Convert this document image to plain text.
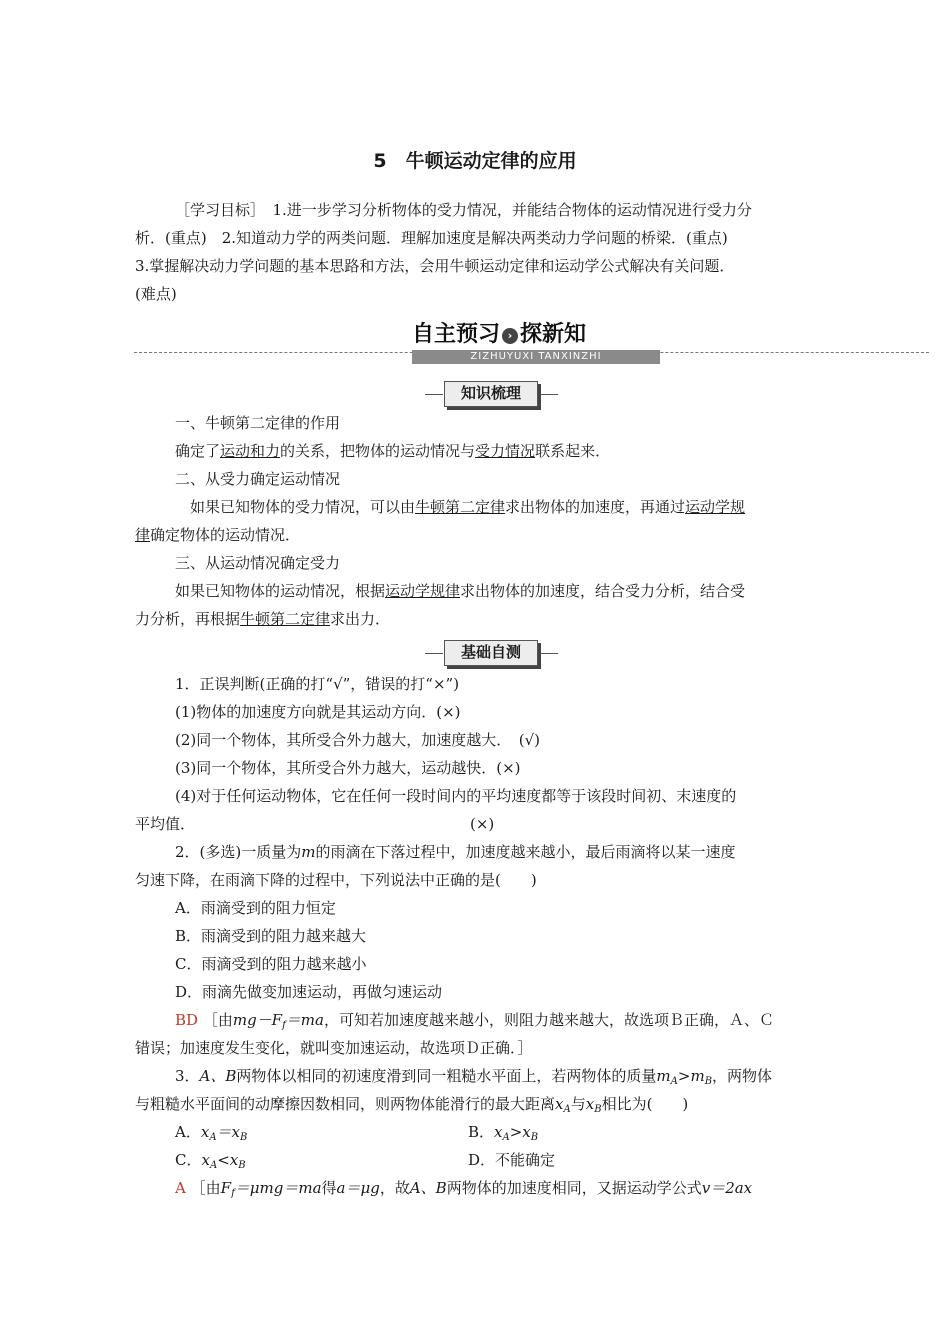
5　牛顿运动定律的应用
［学习目标］　1.进一步学习分析物体的受力情况，并能结合物体的运动情况进行受力分
析．(重点)　2.知道动力学的两类问题．理解加速度是解决两类动力学问题的桥梁．(重点)
3.掌握解决动力学问题的基本思路和方法，会用牛顿运动定律和运动学公式解决有关问题．
(难点)
自主预习 › 探新知
ZIZHUYUXI TANXINZHI
知识梳理
一、牛顿第二定律的作用
确定了运动和力的关系，把物体的运动情况与受力情况联系起来．
二、从受力确定运动情况
如果已知物体的受力情况，可以由牛顿第二定律求出物体的加速度，再通过运动学规
律确定物体的运动情况．
三、从运动情况确定受力
如果已知物体的运动情况，根据运动学规律求出物体的加速度，结合受力分析，结合受
力分析，再根据牛顿第二定律求出力．
基础自测
1．正误判断(正确的打“√”，错误的打“×”)
(1)物体的加速度方向就是其运动方向．(×)
(2)同一个物体，其所受合外力越大，加速度越大．　(√)
(3)同一个物体，其所受合外力越大，运动越快．(×)
(4)对于任何运动物体，它在任何一段时间内的平均速度都等于该段时间初、末速度的
平均值．	(×)
2．(多选)一质量为m的雨滴在下落过程中，加速度越来越小，最后雨滴将以某一速度
匀速下降，在雨滴下降的过程中，下列说法中正确的是(　　)
A．雨滴受到的阻力恒定
B．雨滴受到的阻力越来越大
C．雨滴受到的阻力越来越小
D．雨滴先做变加速运动，再做匀速运动
BD ［由$mg-F_f=ma$，可知若加速度越来越小，则阻力越来越大，故选项Ｂ正确，Ａ、Ｃ
错误；加速度发生变化，就叫变加速运动，故选项Ｄ正确．］
3．A、B两物体以相同的初速度滑到同一粗糙水平面上，若两物体的质量$m_A>m_B$，两物体
与粗糙水平面间的动摩擦因数相同，则两物体能滑行的最大距离$x_A$与$x_B$相比为(　　)
A．$x_A=x_B$	B．$x_A>x_B$
C．$x_A<x_B$	D．不能确定
A ［由$F_f=\mu mg=ma$得a＝μg，故A、B两物体的加速度相同，又据运动学公式v＝2ax
